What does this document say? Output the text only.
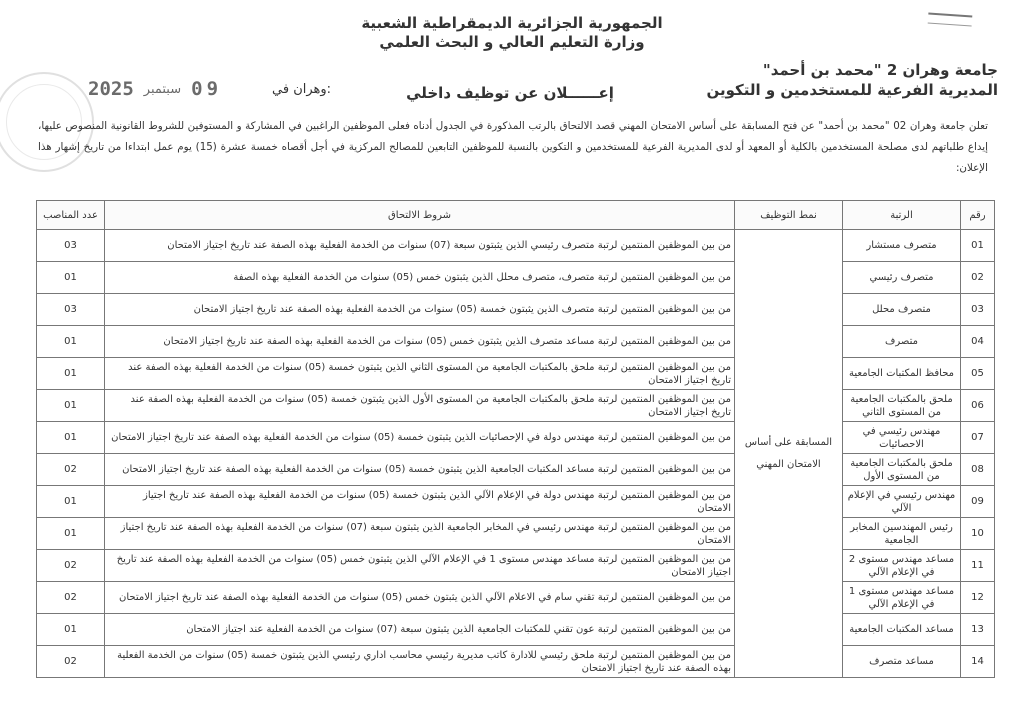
الجمهورية الجزائرية الديمقراطية الشعبية
وزارة التعليم العالي و البحث العلمي
جامعة وهران 2 "محمد بن أحمد"
المديرية الفرعية للمستخدمين و التكوين
2025 سبتمبر 09	وهران في:	إعــــــلان عن توظيف داخلي
تعلن جامعة وهران 02 "محمد بن أحمد" عن فتح المسابقة على أساس الامتحان المهني قصد الالتحاق بالرتب المذكورة في الجدول أدناه فعلى الموظفين الراغبين في المشاركة و المستوفين للشروط القانونية المنصوص عليها، إيداع طلباتهم لدى مصلحة المستخدمين بالكلية أو المعهد أو لدى المديرية الفرعية للمستخدمين و التكوين بالنسبة للموظفين التابعين للمصالح المركزية في أجل أقصاه خمسة عشرة (15) يوم عمل ابتداءا من تاريخ إشهار هذا الإعلان:
رقم	الرتبة	نمط التوظيف	شروط الالتحاق	عدد المناصب
01	متصرف مستشار	المسابقة على أساس الامتحان المهني	من بين الموظفين المنتمين لرتبة متصرف رئيسي الذين يثبتون سبعة (07) سنوات من الخدمة الفعلية بهذه الصفة عند تاريخ اجتياز الامتحان	03
02	متصرف رئيسي		من بين الموظفين المنتمين لرتبة متصرف، متصرف محلل الذين يثبتون خمس (05) سنوات من الخدمة الفعلية بهذه الصفة	01
03	متصرف محلل		من بين الموظفين المنتمين لرتبة متصرف الذين يثبتون خمسة (05) سنوات من الخدمة الفعلية بهذه الصفة عند تاريخ اجتياز الامتحان	03
04	متصرف		من بين الموظفين المنتمين لرتبة مساعد متصرف الذين يثبتون خمس (05) سنوات من الخدمة الفعلية بهذه الصفة عند تاريخ اجتياز الامتحان	01
05	محافظ المكتبات الجامعية		من بين الموظفين المنتمين لرتبة ملحق بالمكتبات الجامعية من المستوى الثاني الذين يثبتون خمسة (05) سنوات من الخدمة الفعلية بهذه الصفة عند تاريخ اجتياز الامتحان	01
06	ملحق بالمكتبات الجامعية من المستوى الثاني		من بين الموظفين المنتمين لرتبة ملحق بالمكتبات الجامعية من المستوى الأول الذين يثبتون خمسة (05) سنوات من الخدمة الفعلية بهذه الصفة عند تاريخ اجتياز الامتحان	01
07	مهندس رئيسي في الاحصائيات		من بين الموظفين المنتمين لرتبة مهندس دولة في الإحصائيات الذين يثبتون خمسة (05) سنوات من الخدمة الفعلية بهذه الصفة عند تاريخ اجتياز الامتحان	01
08	ملحق بالمكتبات الجامعية من المستوى الأول		من بين الموظفين المنتمين لرتبة مساعد المكتبات الجامعية الذين يثبتون خمسة (05) سنوات من الخدمة الفعلية بهذه الصفة عند تاريخ اجتياز الامتحان	02
09	مهندس رئيسي في الإعلام الآلي		من بين الموظفين المنتمين لرتبة مهندس دولة في الإعلام الآلي الذين يثبتون خمسة (05) سنوات من الخدمة الفعلية بهذه الصفة عند تاريخ اجتياز الامتحان	01
10	رئيس المهندسين المخابر الجامعية		من بين الموظفين المنتمين لرتبة مهندس رئيسي في المخابر الجامعية الذين يثبتون سبعة (07) سنوات من الخدمة الفعلية بهذه الصفة عند تاريخ اجتياز الامتحان	01
11	مساعد مهندس مستوى 2 في الإعلام الآلي		من بين الموظفين المنتمين لرتبة مساعد مهندس مستوى 1 في الإعلام الآلي الذين يثبتون خمس (05) سنوات من الخدمة الفعلية بهذه الصفة عند تاريخ اجتياز الامتحان	02
12	مساعد مهندس مستوى 1 في الإعلام الآلي		من بين الموظفين المنتمين لرتبة تقني سام في الاعلام الآلي الذين يثبتون خمس (05) سنوات من الخدمة الفعلية بهذه الصفة عند تاريخ اجتياز الامتحان	02
13	مساعد المكتبات الجامعية		من بين الموظفين المنتمين لرتبة عون تقني للمكتبات الجامعية الذين يثبتون سبعة (07) سنوات من الخدمة الفعلية عند اجتياز الامتحان	01
14	مساعد متصرف		من بين الموظفين المنتمين لرتبة ملحق رئيسي للادارة كاتب مديرية رئيسي محاسب اداري رئيسي الذين يثبتون خمسة (05) سنوات من الخدمة الفعلية بهذه الصفة عند تاريخ اجتياز الامتحان	02
